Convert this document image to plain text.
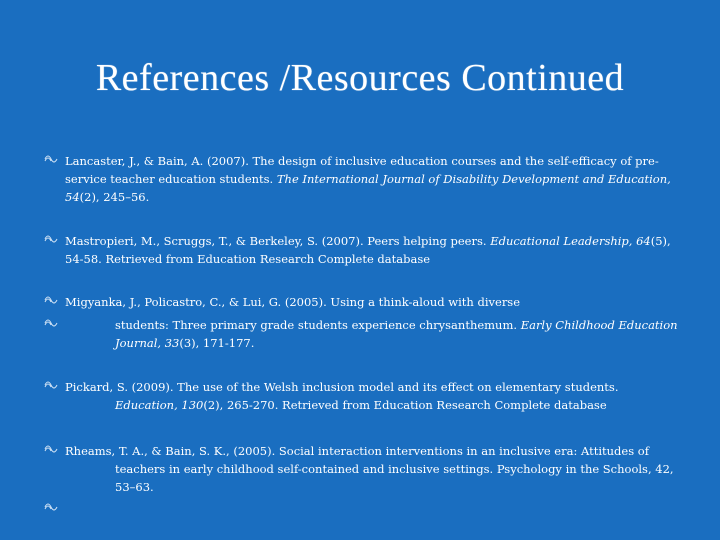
References /Resources Continued
Lancaster, J., & Bain, A. (2007). The design of inclusive education courses and the self-efficacy of pre-service teacher education students. The International Journal of Disability Development and Education, 54(2), 245–56.
Mastropieri, M., Scruggs, T., & Berkeley, S. (2007). Peers helping peers. Educational Leadership, 64(5), 54-58. Retrieved from Education Research Complete database
Migyanka, J., Policastro, C., & Lui, G. (2005). Using a think-aloud with diverse
students: Three primary grade students experience chrysanthemum. Early Childhood Education Journal, 33(3), 171-177.
Pickard, S. (2009). The use of the Welsh inclusion model and its effect on elementary students. Education, 130(2), 265-270. Retrieved from Education Research Complete database
Rheams, T. A., & Bain, S. K., (2005). Social interaction interventions in an inclusive era: Attitudes of teachers in early childhood self-contained and inclusive settings. Psychology in the Schools, 42, 53–63.
